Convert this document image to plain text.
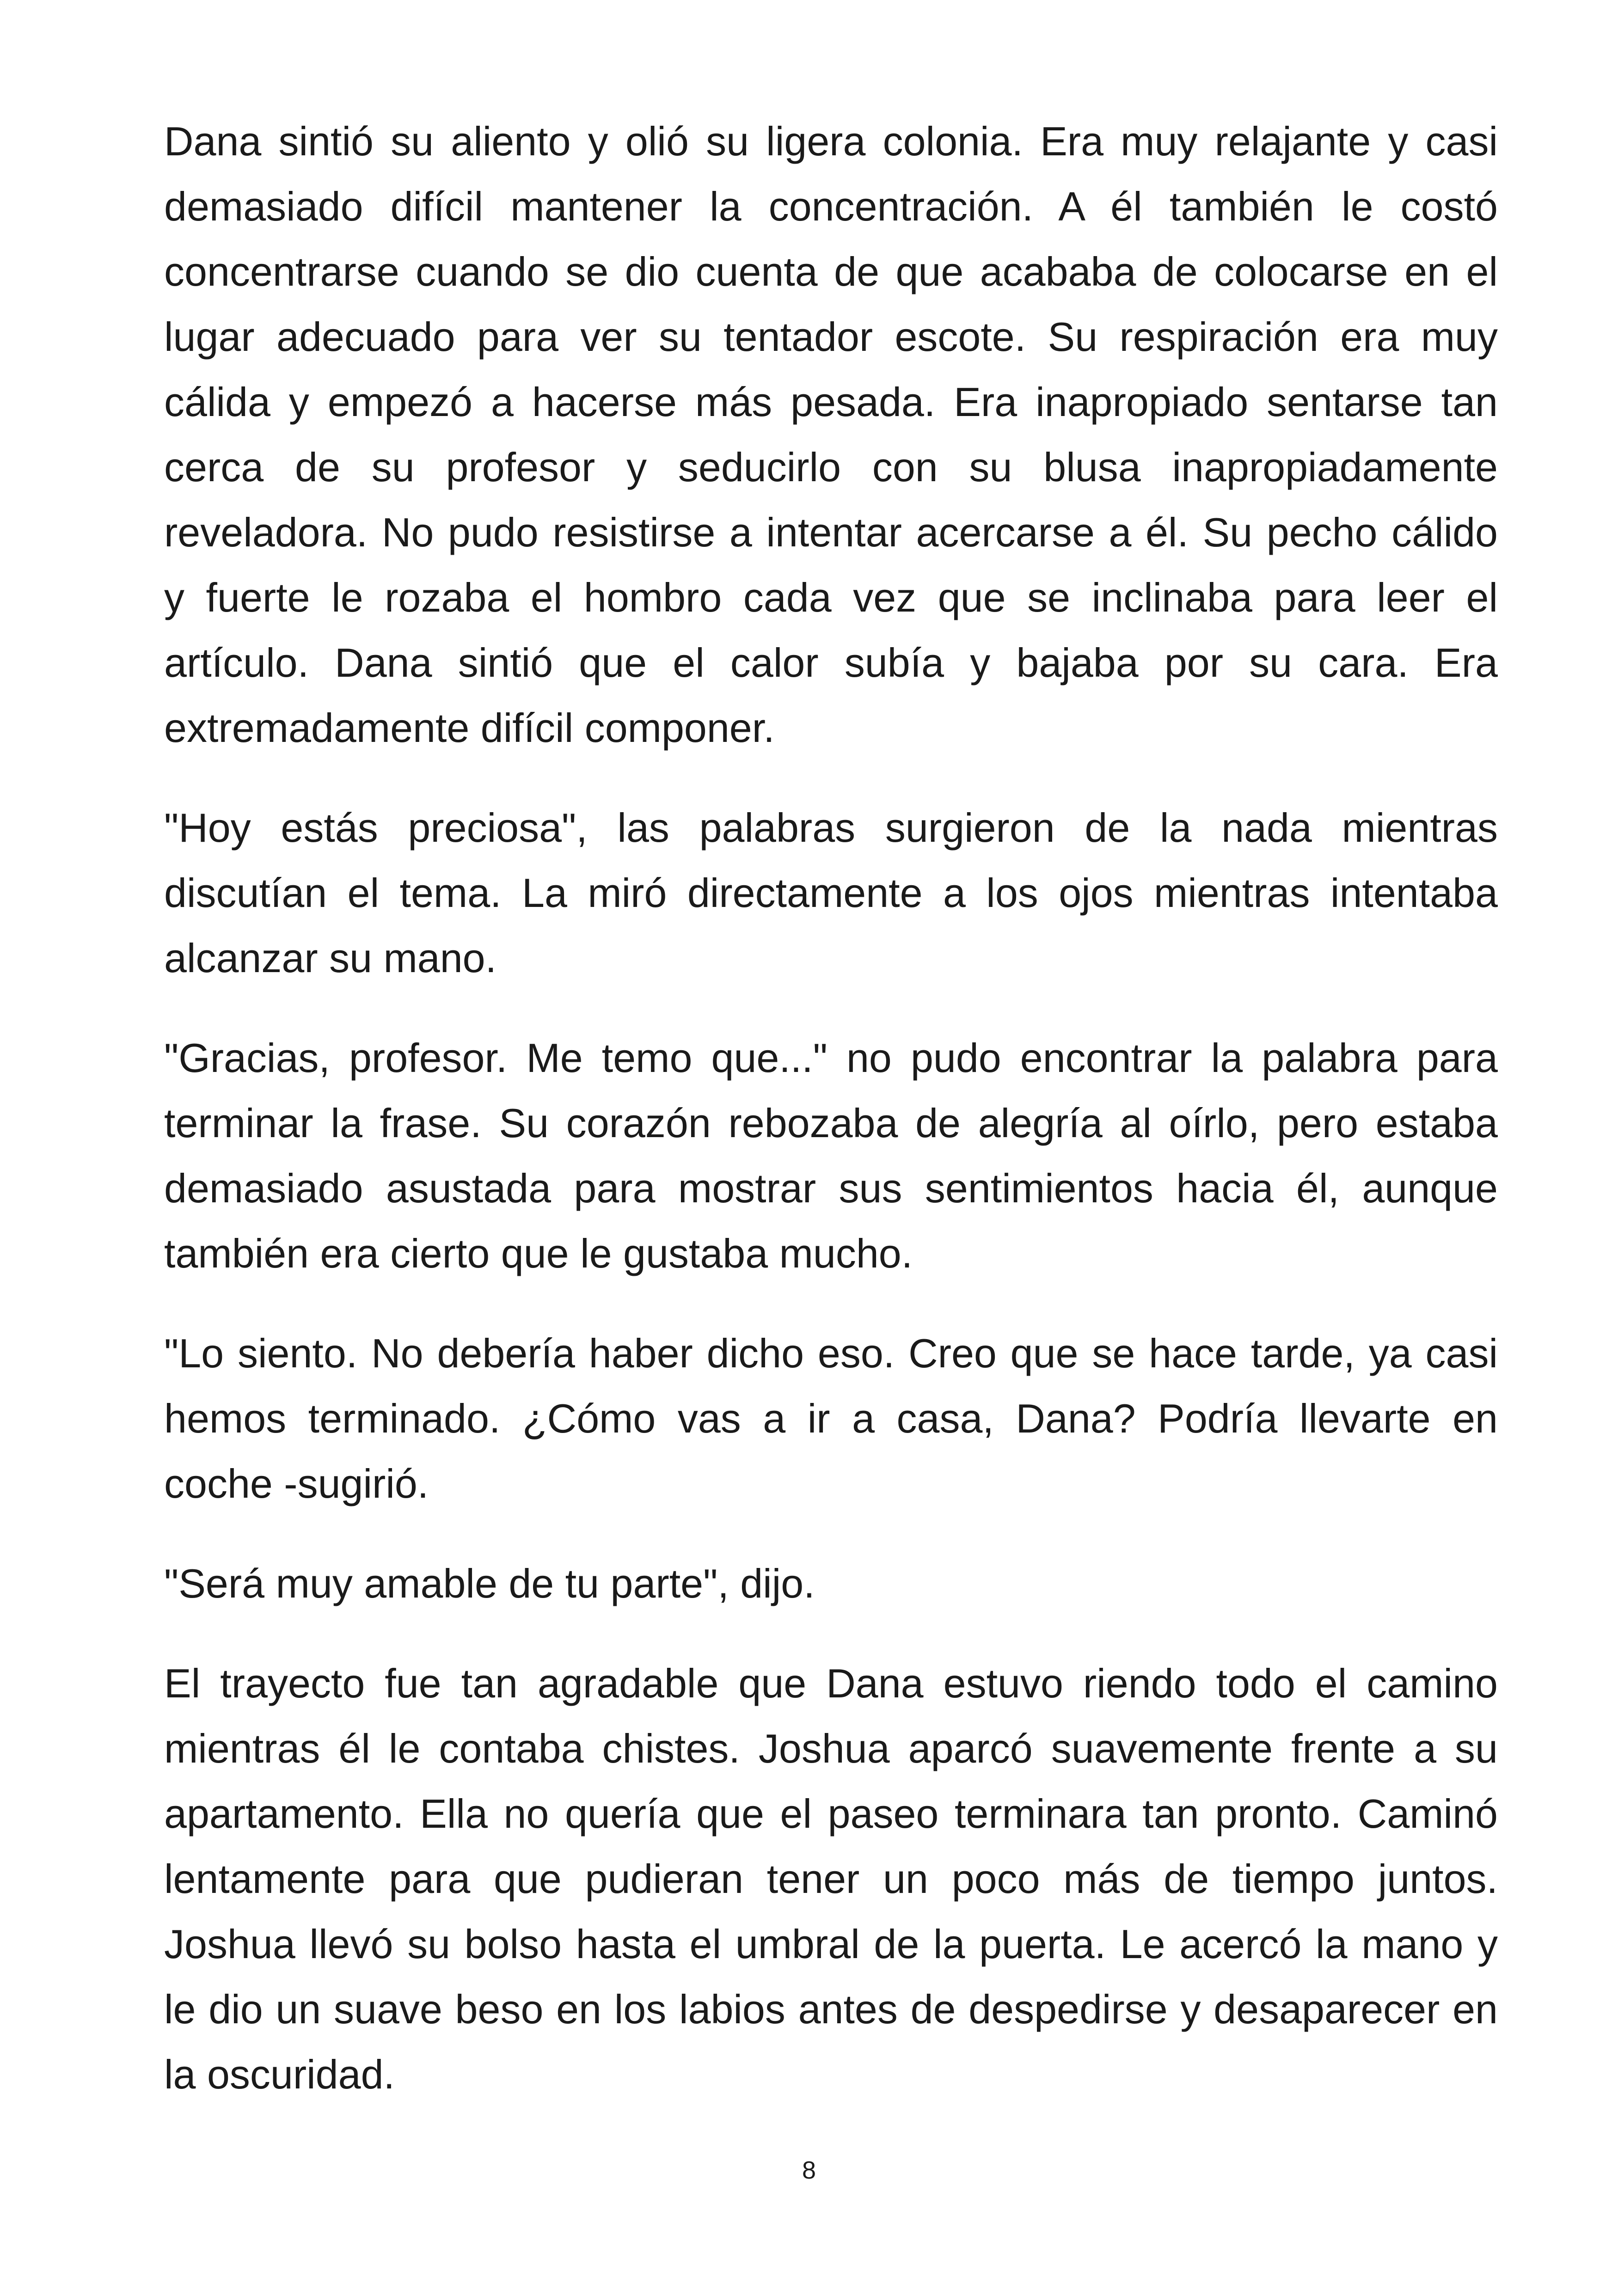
Dana sintió su aliento y olió su ligera colonia. Era muy relajante y casi demasiado difícil mantener la concentración. A él también le costó concentrarse cuando se dio cuenta de que acababa de colocarse en el lugar adecuado para ver su tentador escote. Su respiración era muy cálida y empezó a hacerse más pesada. Era inapropiado sentarse tan cerca de su profesor y seducirlo con su blusa inapropiadamente reveladora. No pudo resistirse a intentar acercarse a él. Su pecho cálido y fuerte le rozaba el hombro cada vez que se inclinaba para leer el artículo. Dana sintió que el calor subía y bajaba por su cara. Era extremadamente difícil componer.

"Hoy estás preciosa", las palabras surgieron de la nada mientras discutían el tema. La miró directamente a los ojos mientras intentaba alcanzar su mano.

"Gracias, profesor. Me temo que..." no pudo encontrar la palabra para terminar la frase. Su corazón rebozaba de alegría al oírlo, pero estaba demasiado asustada para mostrar sus sentimientos hacia él, aunque también era cierto que le gustaba mucho.

"Lo siento. No debería haber dicho eso. Creo que se hace tarde, ya casi hemos terminado. ¿Cómo vas a ir a casa, Dana? Podría llevarte en coche -sugirió.

"Será muy amable de tu parte", dijo.

El trayecto fue tan agradable que Dana estuvo riendo todo el camino mientras él le contaba chistes. Joshua aparcó suavemente frente a su apartamento. Ella no quería que el paseo terminara tan pronto. Caminó lentamente para que pudieran tener un poco más de tiempo juntos. Joshua llevó su bolso hasta el umbral de la puerta. Le acercó la mano y le dio un suave beso en los labios antes de despedirse y desaparecer en la oscuridad.

8
